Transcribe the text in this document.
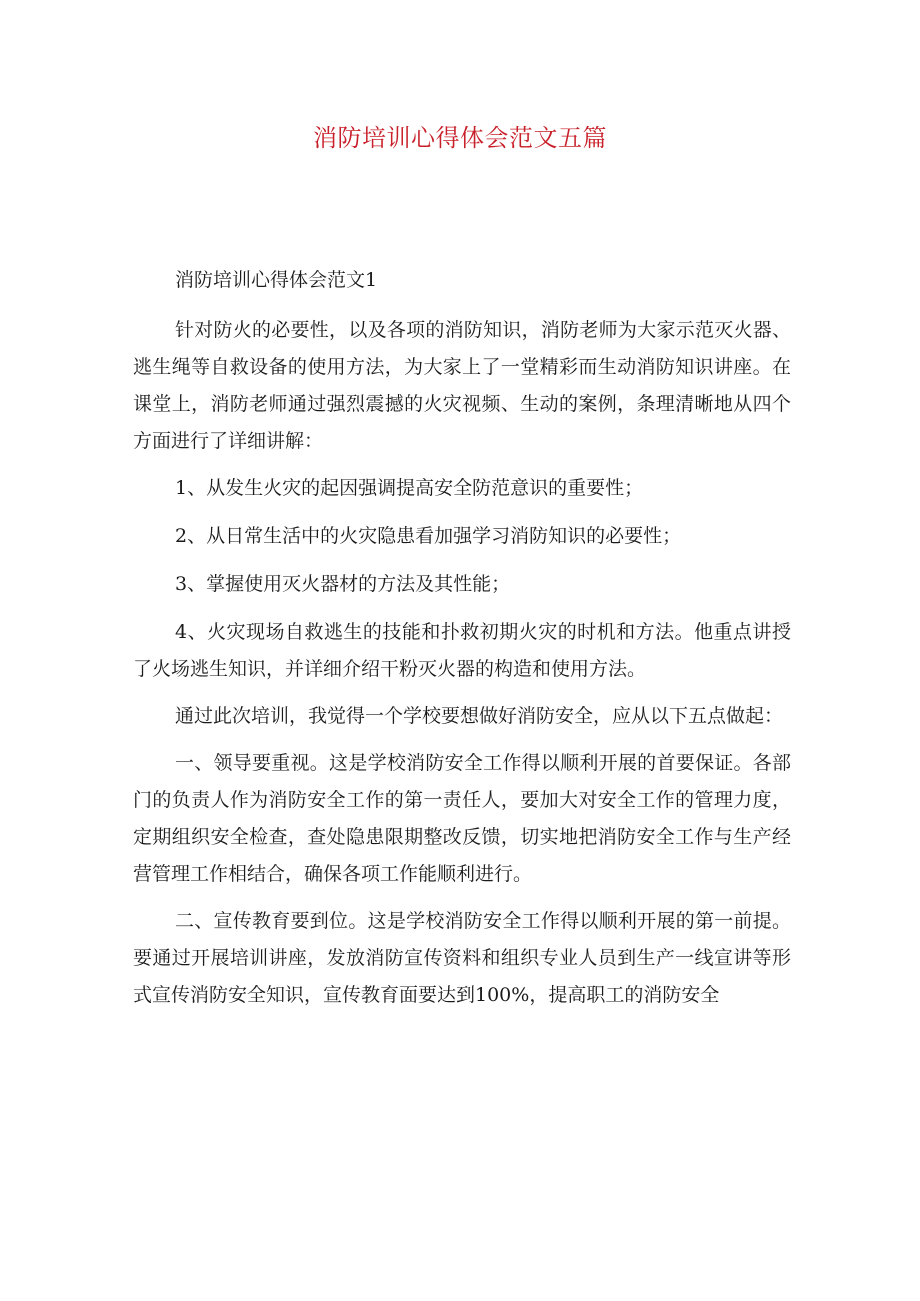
消防培训心得体会范文五篇

消防培训心得体会范文1

针对防火的必要性，以及各项的消防知识，消防老师为大家示范灭火器、逃生绳等自救设备的使用方法，为大家上了一堂精彩而生动消防知识讲座。在课堂上，消防老师通过强烈震撼的火灾视频、生动的案例，条理清晰地从四个方面进行了详细讲解：

1、从发生火灾的起因强调提高安全防范意识的重要性；

2、从日常生活中的火灾隐患看加强学习消防知识的必要性；

3、掌握使用灭火器材的方法及其性能；

4、火灾现场自救逃生的技能和扑救初期火灾的时机和方法。他重点讲授了火场逃生知识，并详细介绍干粉灭火器的构造和使用方法。

通过此次培训，我觉得一个学校要想做好消防安全，应从以下五点做起：

一、领导要重视。这是学校消防安全工作得以顺利开展的首要保证。各部门的负责人作为消防安全工作的第一责任人，要加大对安全工作的管理力度，定期组织安全检查，查处隐患限期整改反馈，切实地把消防安全工作与生产经营管理工作相结合，确保各项工作能顺利进行。

二、宣传教育要到位。这是学校消防安全工作得以顺利开展的第一前提。要通过开展培训讲座，发放消防宣传资料和组织专业人员到生产一线宣讲等形式宣传消防安全知识，宣传教育面要达到100%，提高职工的消防安全
